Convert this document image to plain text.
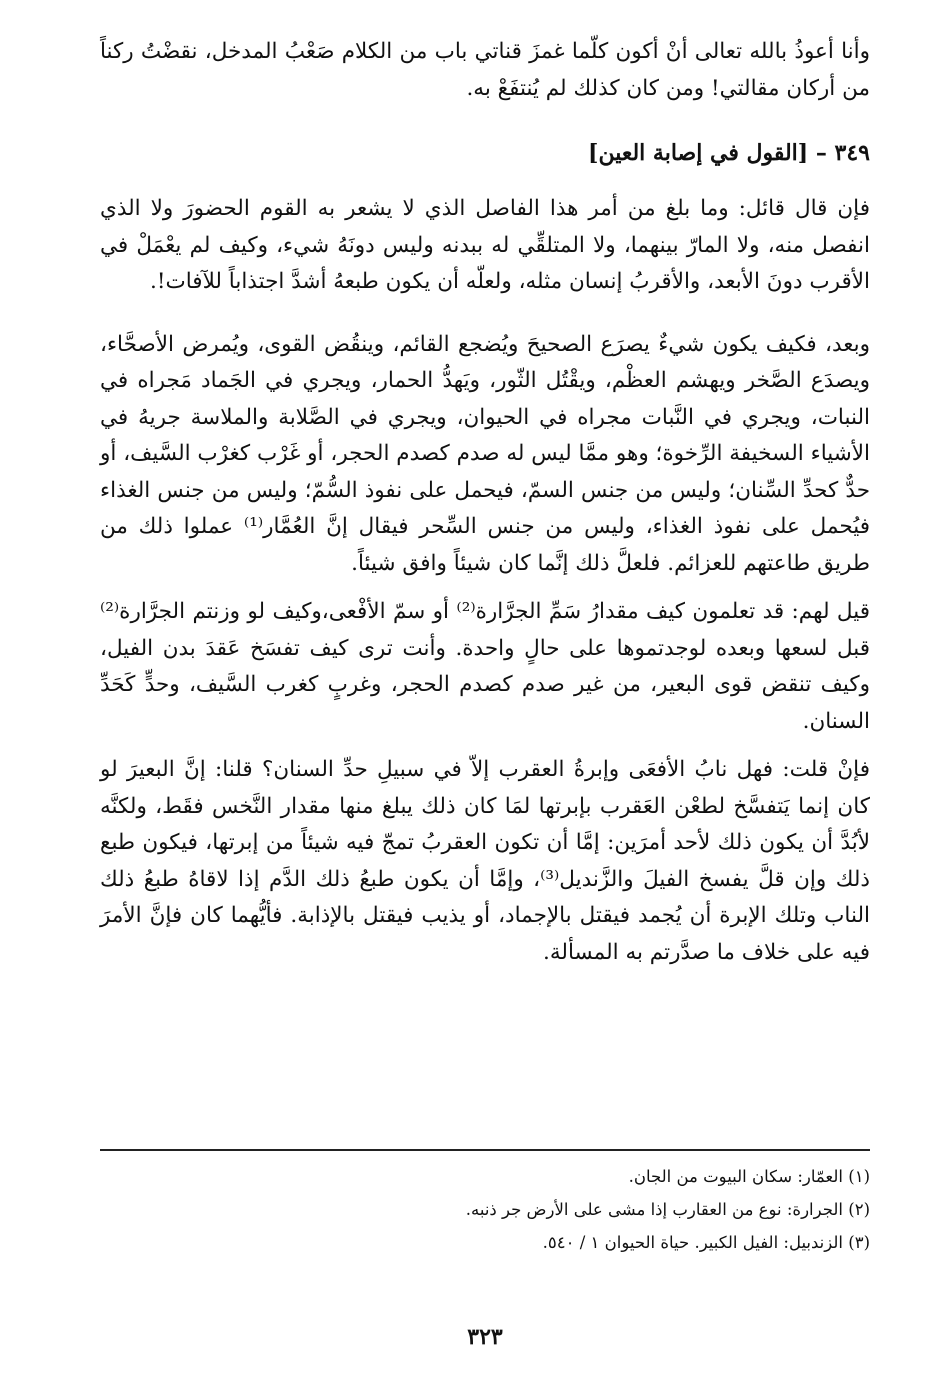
وأنا أعوذُ بالله تعالى أنْ أكون كلّما غمزَ قناتي باب من الكلام صَعْبُ المدخل، نقضْتُ ركناً من أركان مقالتي! ومن كان كذلك لم يُنتفَعْ به.

٣٤٩ – [القول في إصابة العين]

فإن قال قائل: وما بلغ من أمر هذا الفاصل الذي لا يشعر به القوم الحضورَ ولا الذي انفصل منه، ولا المارّ بينهما، ولا المتلقِّي له ببدنه وليس دونَهُ شيء، وكيف لم يعْمَلْ في الأقرب دونَ الأبعد، والأقربُ إنسان مثله، ولعلّه أن يكون طبعهُ أشدَّ اجتذاباً للآفات!.

وبعد، فكيف يكون شيءٌ يصرَع الصحيحَ ويُضجع القائم، وينقُض القوى، ويُمرض الأصحَّاء، ويصدَع الصَّخر ويهشم العظْم، ويقْتُل الثّور، ويَهدُّ الحمار، ويجري في الجَماد مَجراه في النبات، ويجري في النَّبات مجراه في الحيوان، ويجري في الصَّلابة والملاسة جريهُ في الأشياء السخيفة الرِّخوة؛ وهو ممَّا ليس له صدم كصدم الحجر، أو غَرْب كغرْب السَّيف، أو حدٌّ كحدِّ السِّنان؛ وليس من جنس السمّ، فيحمل على نفوذ السُّمّ؛ وليس من جنس الغذاء فيُحمل على نفوذ الغذاء، وليس من جنس السِّحر فيقال إنَّ العُمَّار⁽¹⁾ عملوا ذلك من طريق طاعتهم للعزائم. فلعلَّ ذلك إنَّما كان شيئاً وافق شيئاً.

قيل لهم: قد تعلمون كيف مقدارُ سَمِّ الجرَّارة⁽²⁾ أو سمّ الأفْعى،وكيف لو وزنتم الجرَّارة⁽²⁾ قبل لسعها وبعده لوجدتموها على حالٍ واحدة. وأنت ترى كيف تفسَخ عَقدَ بدن الفيل، وكيف تنقض قوى البعير، من غير صدم كصدم الحجر، وغربٍ كغرب السَّيف، وحدٍّ كَحَدِّ السنان.

فإنْ قلت: فهل نابُ الأفعَى وإبرةُ العقرب إلاّ في سبيلِ حدِّ السنان؟ قلنا: إنَّ البعيرَ لو كان إنما يَتفسَّخ لطعْن العَقرب بإبرتها لمَا كان ذلك يبلغ منها مقدار النَّخس فقَط، ولكنَّه لأبُدَّ أن يكون ذلك لأحد أمرَين: إمَّا أن تكون العقربُ تمجّ فيه شيئاً من إبرتها، فيكون طبع ذلك وإن قلَّ يفسخ الفيلَ والزَّنديل⁽³⁾، وإمَّا أن يكون طبعُ ذلك الدَّم إذا لاقاهُ طبعُ ذلك الناب وتلك الإبرة أن يُجمد فيقتل بالإجماد، أو يذيب فيقتل بالإذابة. فأيُّهما كان فإنَّ الأمرَ فيه على خلاف ما صدَّرتم به المسألة.

(١) العمّار: سكان البيوت من الجان.

(٢) الجرارة: نوع من العقارب إذا مشى على الأرض جر ذنبه.

(٣) الزندبيل: الفيل الكبير. حياة الحيوان ١ / ٥٤٠.

٣٢٣
